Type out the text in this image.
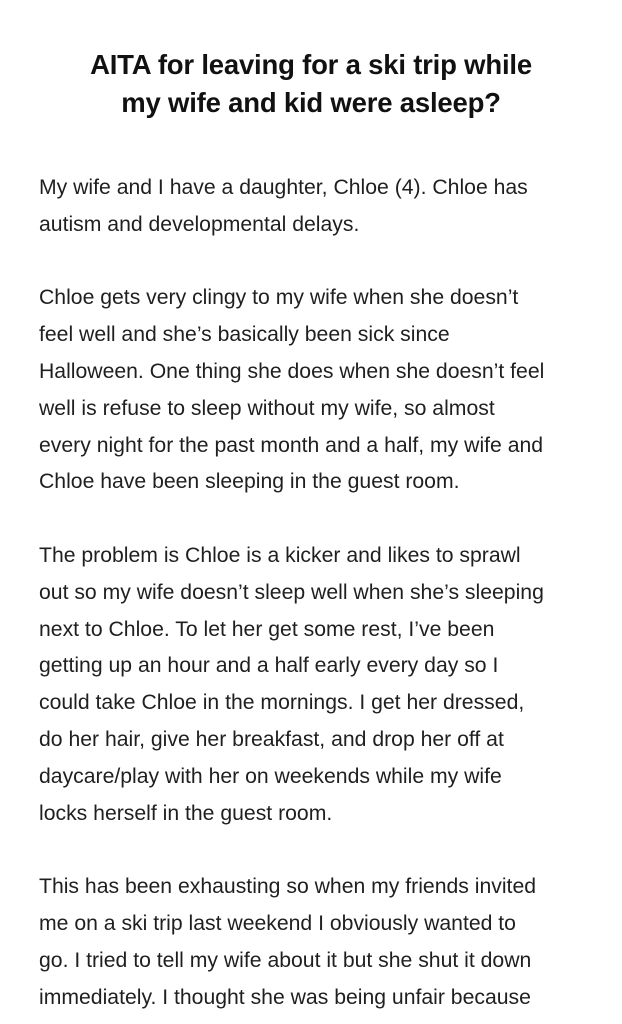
AITA for leaving for a ski trip while
my wife and kid were asleep?
My wife and I have a daughter, Chloe (4). Chloe has
autism and developmental delays.
Chloe gets very clingy to my wife when she doesn’t
feel well and she’s basically been sick since
Halloween. One thing she does when she doesn’t feel
well is refuse to sleep without my wife, so almost
every night for the past month and a half, my wife and
Chloe have been sleeping in the guest room.
The problem is Chloe is a kicker and likes to sprawl
out so my wife doesn’t sleep well when she’s sleeping
next to Chloe. To let her get some rest, I’ve been
getting up an hour and a half early every day so I
could take Chloe in the mornings. I get her dressed,
do her hair, give her breakfast, and drop her off at
daycare/play with her on weekends while my wife
locks herself in the guest room.
This has been exhausting so when my friends invited
me on a ski trip last weekend I obviously wanted to
go. I tried to tell my wife about it but she shut it down
immediately. I thought she was being unfair because
